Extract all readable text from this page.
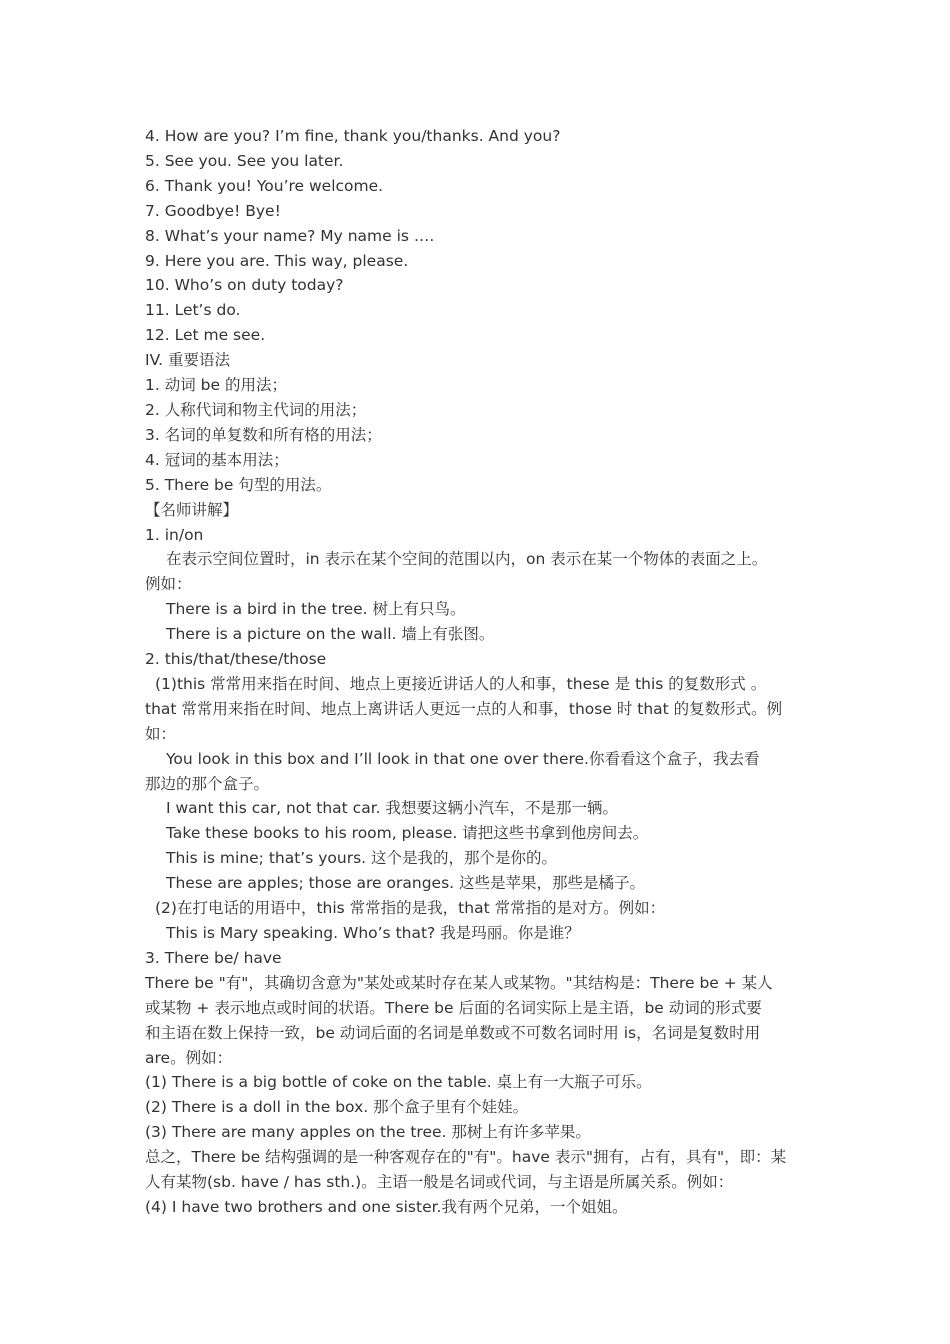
4. How are you? I’m fine, thank you/thanks. And you?

5. See you. See you later.

6. Thank you! You’re welcome.

7. Goodbye! Bye!

8. What’s your name? My name is ….

9. Here you are. This way, please.

10. Who’s on duty today?

11. Let’s do.

12. Let me see.

IV. 重要语法

1. 动词 be 的用法；

2. 人称代词和物主代词的用法；

3. 名词的单复数和所有格的用法；

4. 冠词的基本用法；

5. There be 句型的用法。

【名师讲解】

1. in/on

在表示空间位置时，in 表示在某个空间的范围以内，on 表示在某一个物体的表面之上。

例如：

There is a bird in the tree. 树上有只鸟。

There is a picture on the wall. 墙上有张图。

2. this/that/these/those

(1)this 常常用来指在时间、地点上更接近讲话人的人和事，these 是 this 的复数形式 。

that 常常用来指在时间、地点上离讲话人更远一点的人和事，those 时 that 的复数形式。例

如：

You look in this box and I’ll look in that one over there.你看看这个盒子，我去看

那边的那个盒子。

I want this car, not that car. 我想要这辆小汽车，不是那一辆。

Take these books to his room, please. 请把这些书拿到他房间去。

This is mine; that’s yours. 这个是我的，那个是你的。

These are apples; those are oranges. 这些是苹果，那些是橘子。

(2)在打电话的用语中，this 常常指的是我，that 常常指的是对方。例如：

This is Mary speaking. Who’s that? 我是玛丽。你是谁？

3. There be/ have

There be "有"，其确切含意为"某处或某时存在某人或某物。"其结构是：There be + 某人

或某物 + 表示地点或时间的状语。There be 后面的名词实际上是主语，be 动词的形式要

和主语在数上保持一致，be 动词后面的名词是单数或不可数名词时用 is，名词是复数时用

are。例如：

(1) There is a big bottle of coke on the table. 桌上有一大瓶子可乐。

(2) There is a doll in the box. 那个盒子里有个娃娃。

(3) There are many apples on the tree. 那树上有许多苹果。

总之，There be 结构强调的是一种客观存在的"有"。have 表示"拥有，占有，具有"，即：某

人有某物(sb. have / has sth.)。主语一般是名词或代词，与主语是所属关系。例如：

(4) I have two brothers and one sister.我有两个兄弟，一个姐姐。
